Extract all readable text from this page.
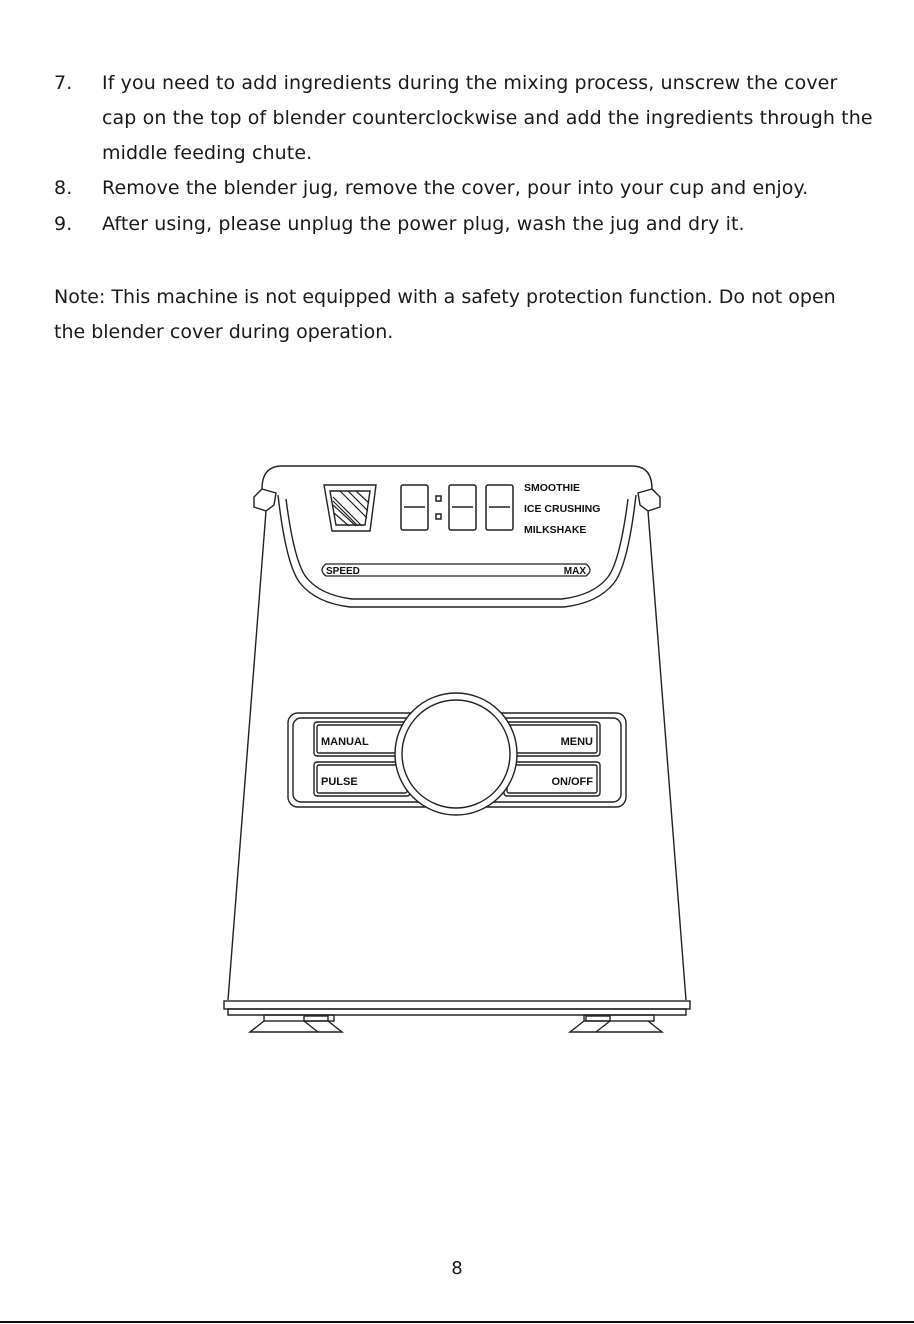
7. If you need to add ingredients during the mixing process, unscrew the cover cap on the top of blender counterclockwise and add the ingredients through the middle feeding chute.
8. Remove the blender jug, remove the cover, pour into your cup and enjoy.
9. After using, please unplug the power plug, wash the jug and dry it.
Note: This machine is not equipped with a safety protection function. Do not open the blender cover during operation.
SMOOTHIE
ICE CRUSHING
MILKSHAKE
SPEED	MAX
MANUAL
PULSE
MENU
ON/OFF
8
